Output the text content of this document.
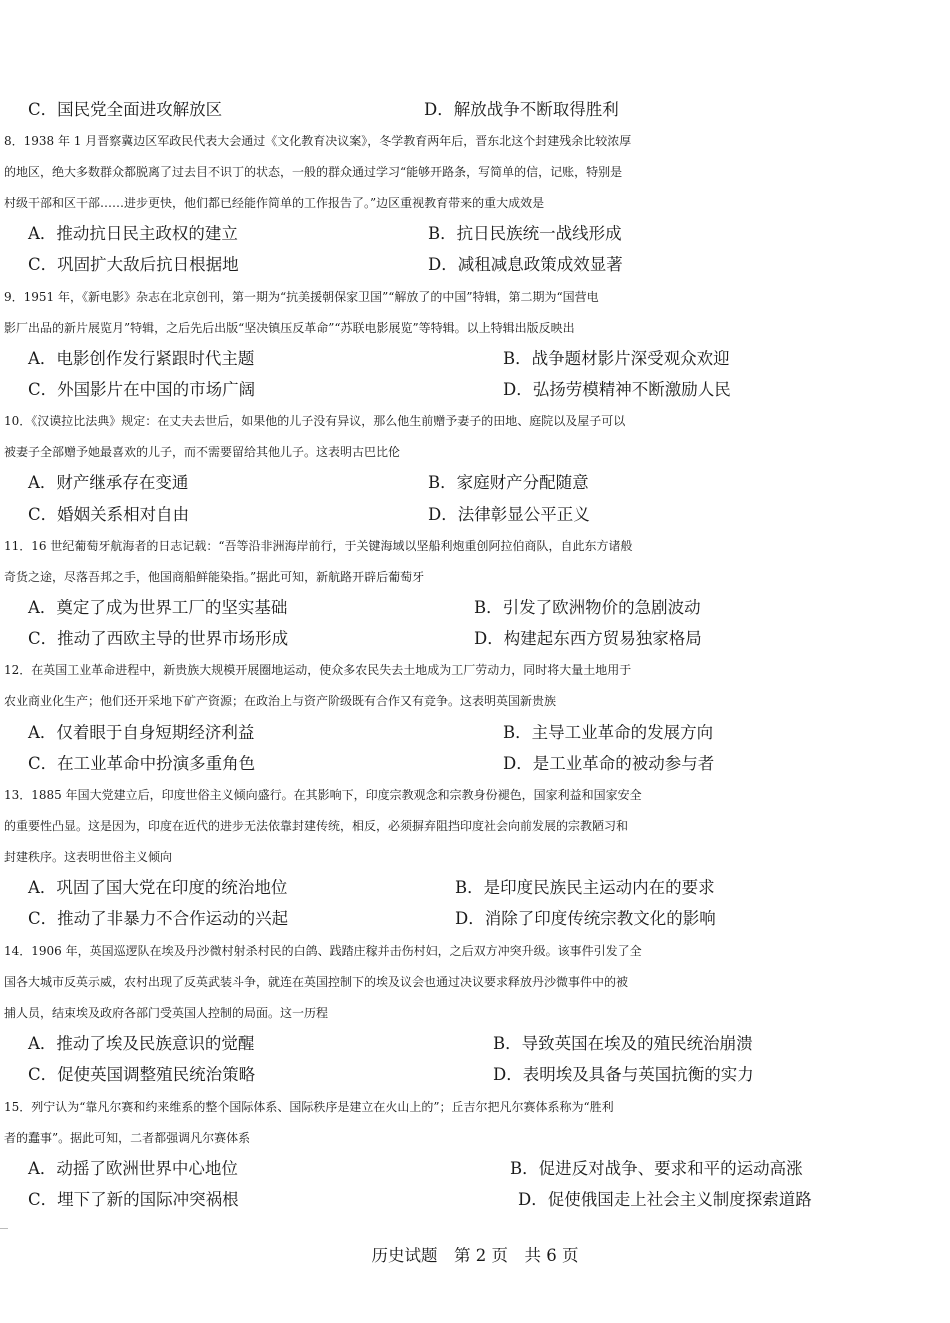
C．国民党全面进攻解放区	D．解放战争不断取得胜利
8．1938 年 1 月晋察冀边区军政民代表大会通过《文化教育决议案》，冬学教育两年后，晋东北这个封建残余比较浓厚
的地区，绝大多数群众都脱离了过去目不识丁的状态，一般的群众通过学习“能够开路条，写简单的信，记账，特别是
村级干部和区干部……进步更快，他们都已经能作简单的工作报告了。”边区重视教育带来的重大成效是
A．推动抗日民主政权的建立	B．抗日民族统一战线形成
C．巩固扩大敌后抗日根据地	D．减租减息政策成效显著
9．1951 年，《新电影》杂志在北京创刊，第一期为“抗美援朝保家卫国”“解放了的中国”特辑，第二期为“国营电
影厂出品的新片展览月”特辑，之后先后出版“坚决镇压反革命”“苏联电影展览”等特辑。以上特辑出版反映出
A．电影创作发行紧跟时代主题	B．战争题材影片深受观众欢迎
C．外国影片在中国的市场广阔	D．弘扬劳模精神不断激励人民
10．《汉谟拉比法典》规定：在丈夫去世后，如果他的儿子没有异议，那么他生前赠予妻子的田地、庭院以及屋子可以
被妻子全部赠予她最喜欢的儿子，而不需要留给其他儿子。这表明古巴比伦
A．财产继承存在变通	B．家庭财产分配随意
C．婚姻关系相对自由	D．法律彰显公平正义
11．16 世纪葡萄牙航海者的日志记载：“吾等沿非洲海岸前行，于关键海域以坚船利炮重创阿拉伯商队，自此东方诸般
奇货之途，尽落吾邦之手，他国商船鲜能染指。”据此可知，新航路开辟后葡萄牙
A．奠定了成为世界工厂的坚实基础	B．引发了欧洲物价的急剧波动
C．推动了西欧主导的世界市场形成	D．构建起东西方贸易独家格局
12．在英国工业革命进程中，新贵族大规模开展圈地运动，使众多农民失去土地成为工厂劳动力，同时将大量土地用于
农业商业化生产；他们还开采地下矿产资源；在政治上与资产阶级既有合作又有竞争。这表明英国新贵族
A．仅着眼于自身短期经济利益	B．主导工业革命的发展方向
C．在工业革命中扮演多重角色	D．是工业革命的被动参与者
13．1885 年国大党建立后，印度世俗主义倾向盛行。在其影响下，印度宗教观念和宗教身份褪色，国家利益和国家安全
的重要性凸显。这是因为，印度在近代的进步无法依靠封建传统，相反，必须摒弃阻挡印度社会向前发展的宗教陋习和
封建秩序。这表明世俗主义倾向
A．巩固了国大党在印度的统治地位	B．是印度民族民主运动内在的要求
C．推动了非暴力不合作运动的兴起	D．消除了印度传统宗教文化的影响
14．1906 年，英国巡逻队在埃及丹沙微村射杀村民的白鸽、践踏庄稼并击伤村妇，之后双方冲突升级。该事件引发了全
国各大城市反英示威，农村出现了反英武装斗争，就连在英国控制下的埃及议会也通过决议要求释放丹沙微事件中的被
捕人员，结束埃及政府各部门受英国人控制的局面。这一历程
A．推动了埃及民族意识的觉醒	B．导致英国在埃及的殖民统治崩溃
C．促使英国调整殖民统治策略	D．表明埃及具备与英国抗衡的实力
15．列宁认为“靠凡尔赛和约来维系的整个国际体系、国际秩序是建立在火山上的”；丘吉尔把凡尔赛体系称为“胜利
者的蠢事”。据此可知，二者都强调凡尔赛体系
A．动摇了欧洲世界中心地位	B．促进反对战争、要求和平的运动高涨
C．埋下了新的国际冲突祸根	D．促使俄国走上社会主义制度探索道路
历史试题　第 2 页　共 6 页
